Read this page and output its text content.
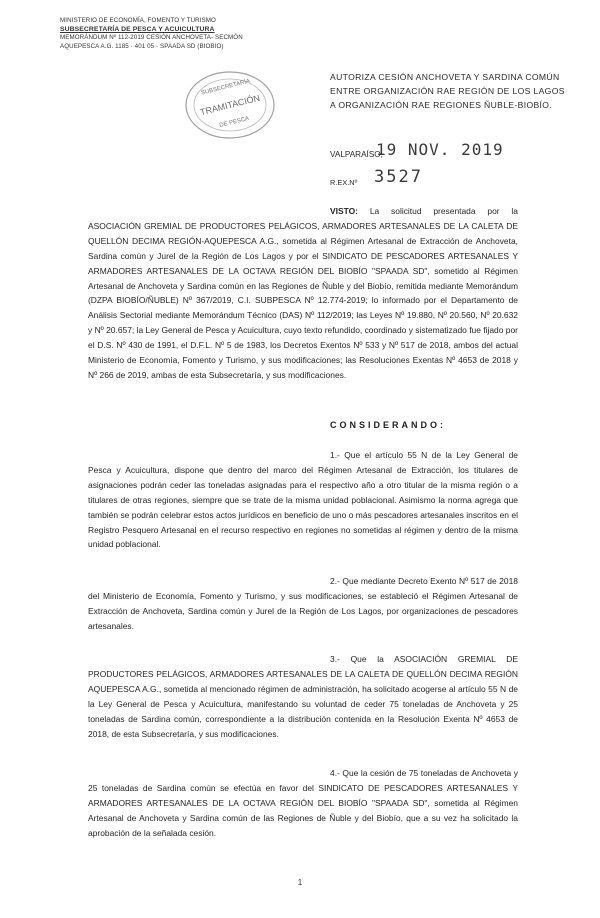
MINISTERIO DE ECONOMÍA, FOMENTO Y TURISMO
SUBSECRETARÍA DE PESCA Y ACUICULTURA
MEMORÁNDUM Nº 112-2019 CESIÓN ANCHOVETA- SECMÓN
AQUEPESCA A.G. 1185 · 401 05 · SPAADA SD (BIOBIO)
SUBSECRETARÍA
TRAMITACIÓN
DE PESCA
AUTORIZA CESIÓN ANCHOVETA Y SARDINA COMÚN ENTRE ORGANIZACIÓN RAE REGIÓN DE LOS LAGOS A ORGANIZACIÓN RAE REGIONES ÑUBLE-BIOBÍO.
VALPARAÍSO,
19 NOV. 2019
R.EX.Nº 3527
VISTO: La solicitud presentada por la ASOCIACIÓN GREMIAL DE PRODUCTORES PELÁGICOS, ARMADORES ARTESANALES DE LA CALETA DE QUELLÓN DECIMA REGIÓN-AQUEPESCA A.G., sometida al Régimen Artesanal de Extracción de Anchoveta, Sardina común y Jurel de la Región de Los Lagos y por el SINDICATO DE PESCADORES ARTESANALES Y ARMADORES ARTESANALES DE LA OCTAVA REGIÓN DEL BIOBÍO "SPAADA SD", sometido al Régimen Artesanal de Anchoveta y Sardina común en las Regiones de Ñuble y del Biobío, remitida mediante Memorándum (DZPA BIOBÍO/ÑUBLE) Nº 367/2019, C.I. SUBPESCA Nº 12.774-2019; lo informado por el Departamento de Análisis Sectorial mediante Memorándum Técnico (DAS) Nº 112/2019; las Leyes Nº 19.880, Nº 20.560, Nº 20.632 y Nº 20.657; la Ley General de Pesca y Acuicultura, cuyo texto refundido, coordinado y sistematizado fue fijado por el D.S. Nº 430 de 1991, el D.F.L. Nº 5 de 1983, los Decretos Exentos Nº 533 y Nº 517 de 2018, ambos del actual Ministerio de Economía, Fomento y Turismo, y sus modificaciones; las Resoluciones Exentas Nº 4653 de 2018 y Nº 266 de 2019, ambas de esta Subsecretaría, y sus modificaciones.
CONSIDERANDO:
1.- Que el artículo 55 N de la Ley General de Pesca y Acuicultura, dispone que dentro del marco del Régimen Artesanal de Extracción, los titulares de asignaciones podrán ceder las toneladas asignadas para el respectivo año a otro titular de la misma región o a titulares de otras regiones, siempre que se trate de la misma unidad poblacional. Asimismo la norma agrega que también se podrán celebrar estos actos jurídicos en beneficio de uno o más pescadores artesanales inscritos en el Registro Pesquero Artesanal en el recurso respectivo en regiones no sometidas al régimen y dentro de la misma unidad poblacional.
2.- Que mediante Decreto Exento Nº 517 de 2018 del Ministerio de Economía, Fomento y Turismo, y sus modificaciones, se estableció el Régimen Artesanal de Extracción de Anchoveta, Sardina común y Jurel de la Región de Los Lagos, por organizaciones de pescadores artesanales.
3.- Que la ASOCIACIÓN GREMIAL DE PRODUCTORES PELÁGICOS, ARMADORES ARTESANALES DE LA CALETA DE QUELLÓN DECIMA REGIÓN AQUEPESCA A.G., sometida al mencionado régimen de administración, ha solicitado acogerse al artículo 55 N de la Ley General de Pesca y Acuicultura, manifestando su voluntad de ceder 75 toneladas de Anchoveta y 25 toneladas de Sardina común, correspondiente a la distribución contenida en la Resolución Exenta Nº 4653 de 2018, de esta Subsecretaría, y sus modificaciones.
4.- Que la cesión de 75 toneladas de Anchoveta y 25 toneladas de Sardina común se efectúa en favor del SINDICATO DE PESCADORES ARTESANALES Y ARMADORES ARTESANALES DE LA OCTAVA REGIÓN DEL BIOBÍO "SPAADA SD", sometida al Régimen Artesanal de Anchoveta y Sardina común de las Regiones de Ñuble y del Biobío, que a su vez ha solicitado la aprobación de la señalada cesión.
1
